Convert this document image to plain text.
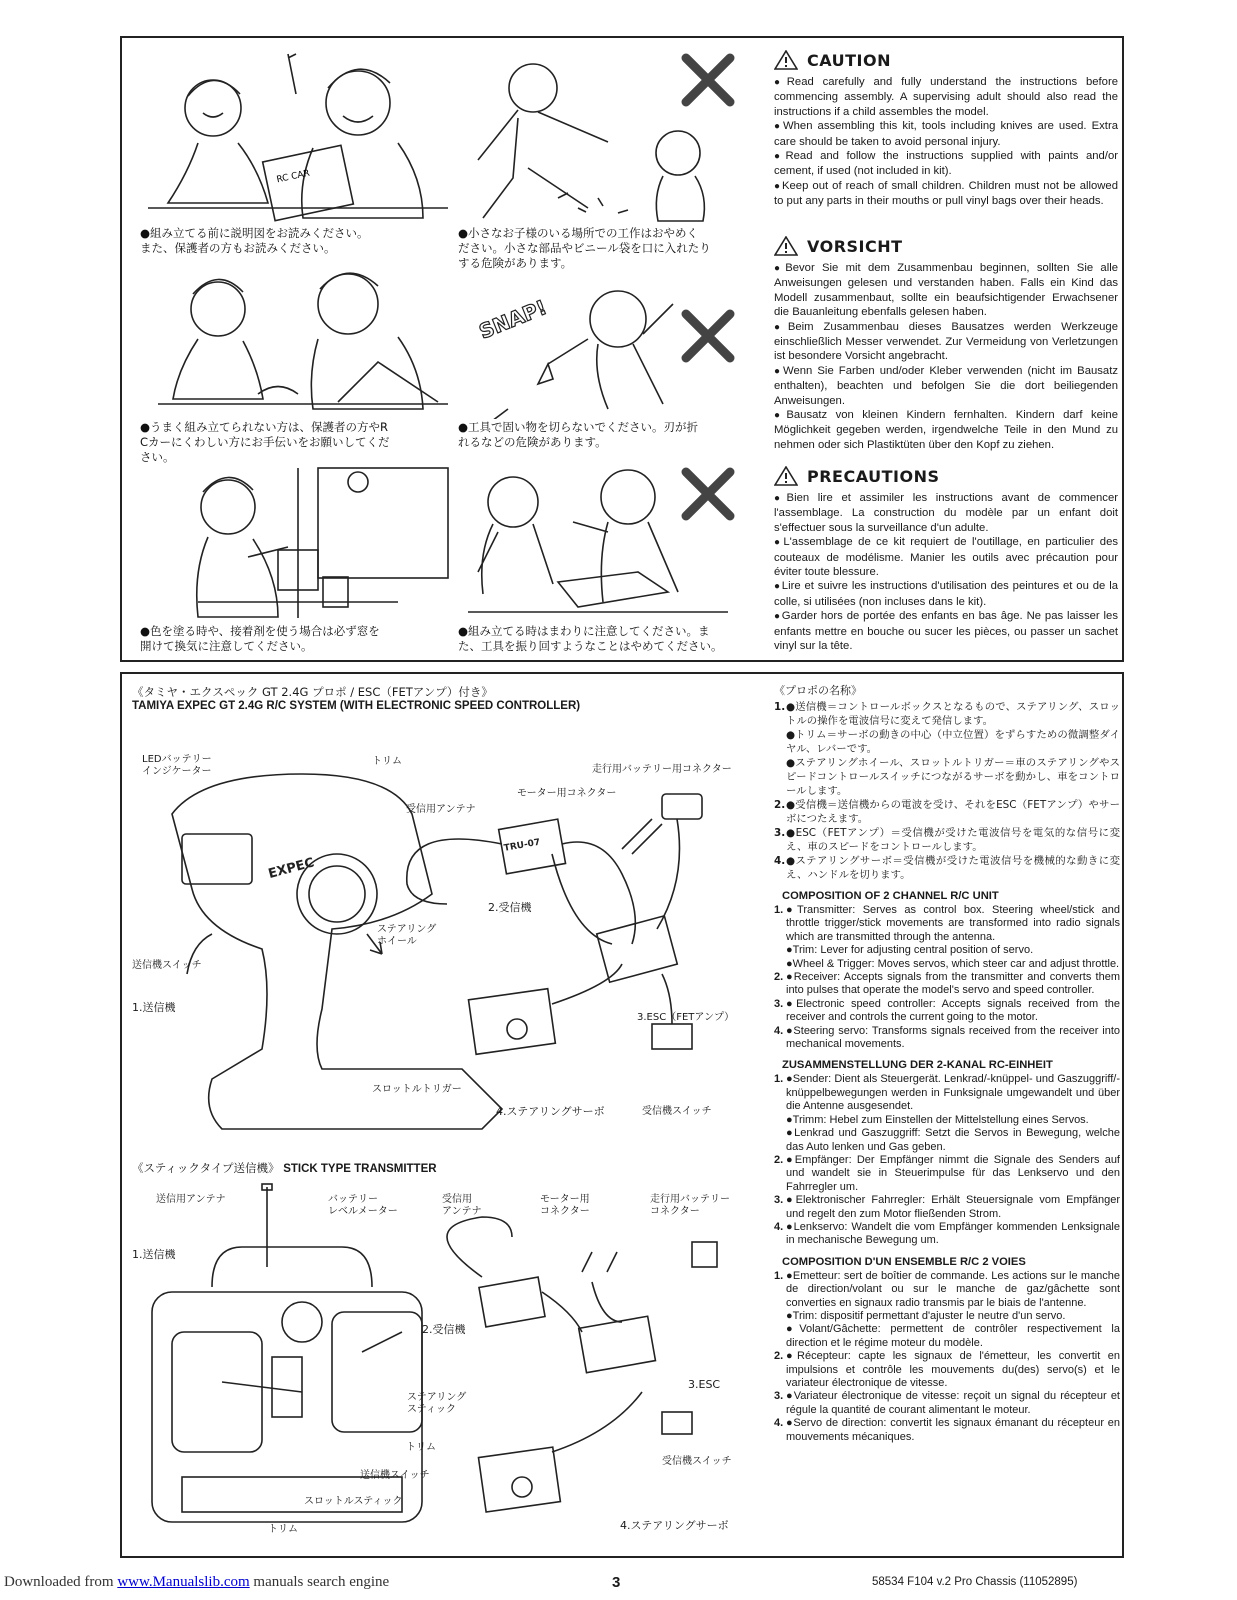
RC CAR
●組み立てる前に説明図をお読みください。
また、保護者の方もお読みください。
●小さなお子様のいる場所での工作はおやめく
ださい。小さな部品やビニール袋を口に入れたり
する危険があります。
SNAP!
●うまく組み立てられない方は、保護者の方やR
Cカーにくわしい方にお手伝いをお願いしてくだ
さい。
●工具で固い物を切らないでください。刃が折
れるなどの危険があります。
●色を塗る時や、接着剤を使う場合は必ず窓を
開けて換気に注意してください。
●組み立てる時はまわりに注意してください。ま
た、工具を振り回すようなことはやめてください。
CAUTION

● Read carefully and fully understand the instructions before commencing assembly. A supervising adult should also read the instructions if a child assembles the model.

● When assembling this kit, tools including knives are used. Extra care should be taken to avoid personal injury.

● Read and follow the instructions supplied with paints and/or cement, if used (not included in kit).

● Keep out of reach of small children. Children must not be allowed to put any parts in their mouths or pull vinyl bags over their heads.

VORSICHT

● Bevor Sie mit dem Zusammenbau beginnen, sollten Sie alle Anweisungen gelesen und verstanden haben. Falls ein Kind das Modell zusammenbaut, sollte ein beaufsichtigender Erwachsener die Bauanleitung ebenfalls gelesen haben.

● Beim Zusammenbau dieses Bausatzes werden Werkzeuge einschließlich Messer verwendet. Zur Vermeidung von Verletzungen ist besondere Vorsicht angebracht.

● Wenn Sie Farben und/oder Kleber verwenden (nicht im Bausatz enthalten), beachten und befolgen Sie die dort beiliegenden Anweisungen.

● Bausatz von kleinen Kindern fernhalten. Kindern darf keine Möglichkeit gegeben werden, irgendwelche Teile in den Mund zu nehmen oder sich Plastiktüten über den Kopf zu ziehen.

PRECAUTIONS

● Bien lire et assimiler les instructions avant de commencer l'assemblage. La construction du modèle par un enfant doit s'effectuer sous la surveillance d'un adulte.

● L'assemblage de ce kit requiert de l'outillage, en particulier des couteaux de modélisme. Manier les outils avec précaution pour éviter toute blessure.

● Lire et suivre les instructions d'utilisation des peintures et ou de la colle, si utilisées (non incluses dans le kit).

● Garder hors de portée des enfants en bas âge. Ne pas laisser les enfants mettre en bouche ou sucer les pièces, ou passer un sachet vinyl sur la tête.

《タミヤ・エクスペック GT 2.4G プロポ / ESC（FETアンプ）付き》
TAMIYA EXPEC GT 2.4G R/C SYSTEM (WITH ELECTRONIC SPEED CONTROLLER)
EXPEC
TRU-07
LEDバッテリー
インジケーター
トリム
走行用バッテリー用コネクター
モーター用コネクター
受信用アンテナ
2.受信機
ステアリング
ホイール
送信機スイッチ
1.送信機
3.ESC（FETアンプ）
スロットルトリガー
4.ステアリングサーボ	受信機スイッチ
《スティックタイプ送信機》 STICK TYPE TRANSMITTER
送信用アンテナ	バッテリー
レベルメーター
受信用
アンテナ
モーター用
コネクター
走行用バッテリー
コネクター
1.送信機
2.受信機
ステアリング
スティック
3.ESC
トリム
送信機スイッチ
スロットルスティック
受信機スイッチ
トリム	4.ステアリングサーボ
《プロポの名称》
1. ●送信機＝コントロールボックスとなるもので、ステアリング、スロットルの操作を電波信号に変えて発信します。
●トリム＝サーボの動きの中心（中立位置）をずらすための微調整ダイヤル、レバーです。
●ステアリングホイール、スロットルトリガー＝車のステアリングやスピードコントロールスイッチにつながるサーボを動かし、車をコントロールします。
2. ●受信機＝送信機からの電波を受け、それをESC（FETアンプ）やサーボにつたえます。
3. ●ESC（FETアンプ）＝受信機が受けた電波信号を電気的な信号に変え、車のスピードをコントロールします。
4. ●ステアリングサーボ＝受信機が受けた電波信号を機械的な動きに変え、ハンドルを切ります。
COMPOSITION OF 2 CHANNEL R/C UNIT
1. ●Transmitter: Serves as control box. Steering wheel/stick and throttle trigger/stick movements are transformed into radio signals which are transmitted through the antenna.
●Trim: Lever for adjusting central position of servo.
●Wheel & Trigger: Moves servos, which steer car and adjust throttle.
2. ●Receiver: Accepts signals from the transmitter and converts them into pulses that operate the model's servo and speed controller.
3. ●Electronic speed controller: Accepts signals received from the receiver and controls the current going to the motor.
4. ●Steering servo: Transforms signals received from the receiver into mechanical movements.
ZUSAMMENSTELLUNG DER 2-KANAL RC-EINHEIT
1. ●Sender: Dient als Steuergerät. Lenkrad/-knüppel- und Gaszuggriff/- knüppelbewegungen werden in Funksignale umgewandelt und über die Antenne ausgesendet.
●Trimm: Hebel zum Einstellen der Mittelstellung eines Servos.
●Lenkrad und Gaszuggriff: Setzt die Servos in Bewegung, welche das Auto lenken und Gas geben.
2. ●Empfänger: Der Empfänger nimmt die Signale des Senders auf und wandelt sie in Steuerimpulse für das Lenkservo und den Fahrregler um.
3. ●Elektronischer Fahrregler: Erhält Steuersignale vom Empfänger und regelt den zum Motor fließenden Strom.
4. ●Lenkservo: Wandelt die vom Empfänger kommenden Lenksignale in mechanische Bewegung um.
COMPOSITION D'UN ENSEMBLE R/C 2 VOIES
1. ●Emetteur: sert de boîtier de commande. Les actions sur le manche de direction/volant ou sur le manche de gaz/gâchette sont converties en signaux radio transmis par le biais de l'antenne.
●Trim: dispositif permettant d'ajuster le neutre d'un servo.
●Volant/Gâchette: permettent de contrôler respectivement la direction et le régime moteur du modèle.
2. ●Récepteur: capte les signaux de l'émetteur, les convertit en impulsions et contrôle les mouvements du(des) servo(s) et le variateur électronique de vitesse.
3. ●Variateur électronique de vitesse: reçoit un signal du récepteur et régule la quantité de courant alimentant le moteur.
4. ●Servo de direction: convertit les signaux émanant du récepteur en mouvements mécaniques.
Downloaded from www.Manualslib.com manuals search engine	3	58534 F104 v.2 Pro Chassis (11052895)
